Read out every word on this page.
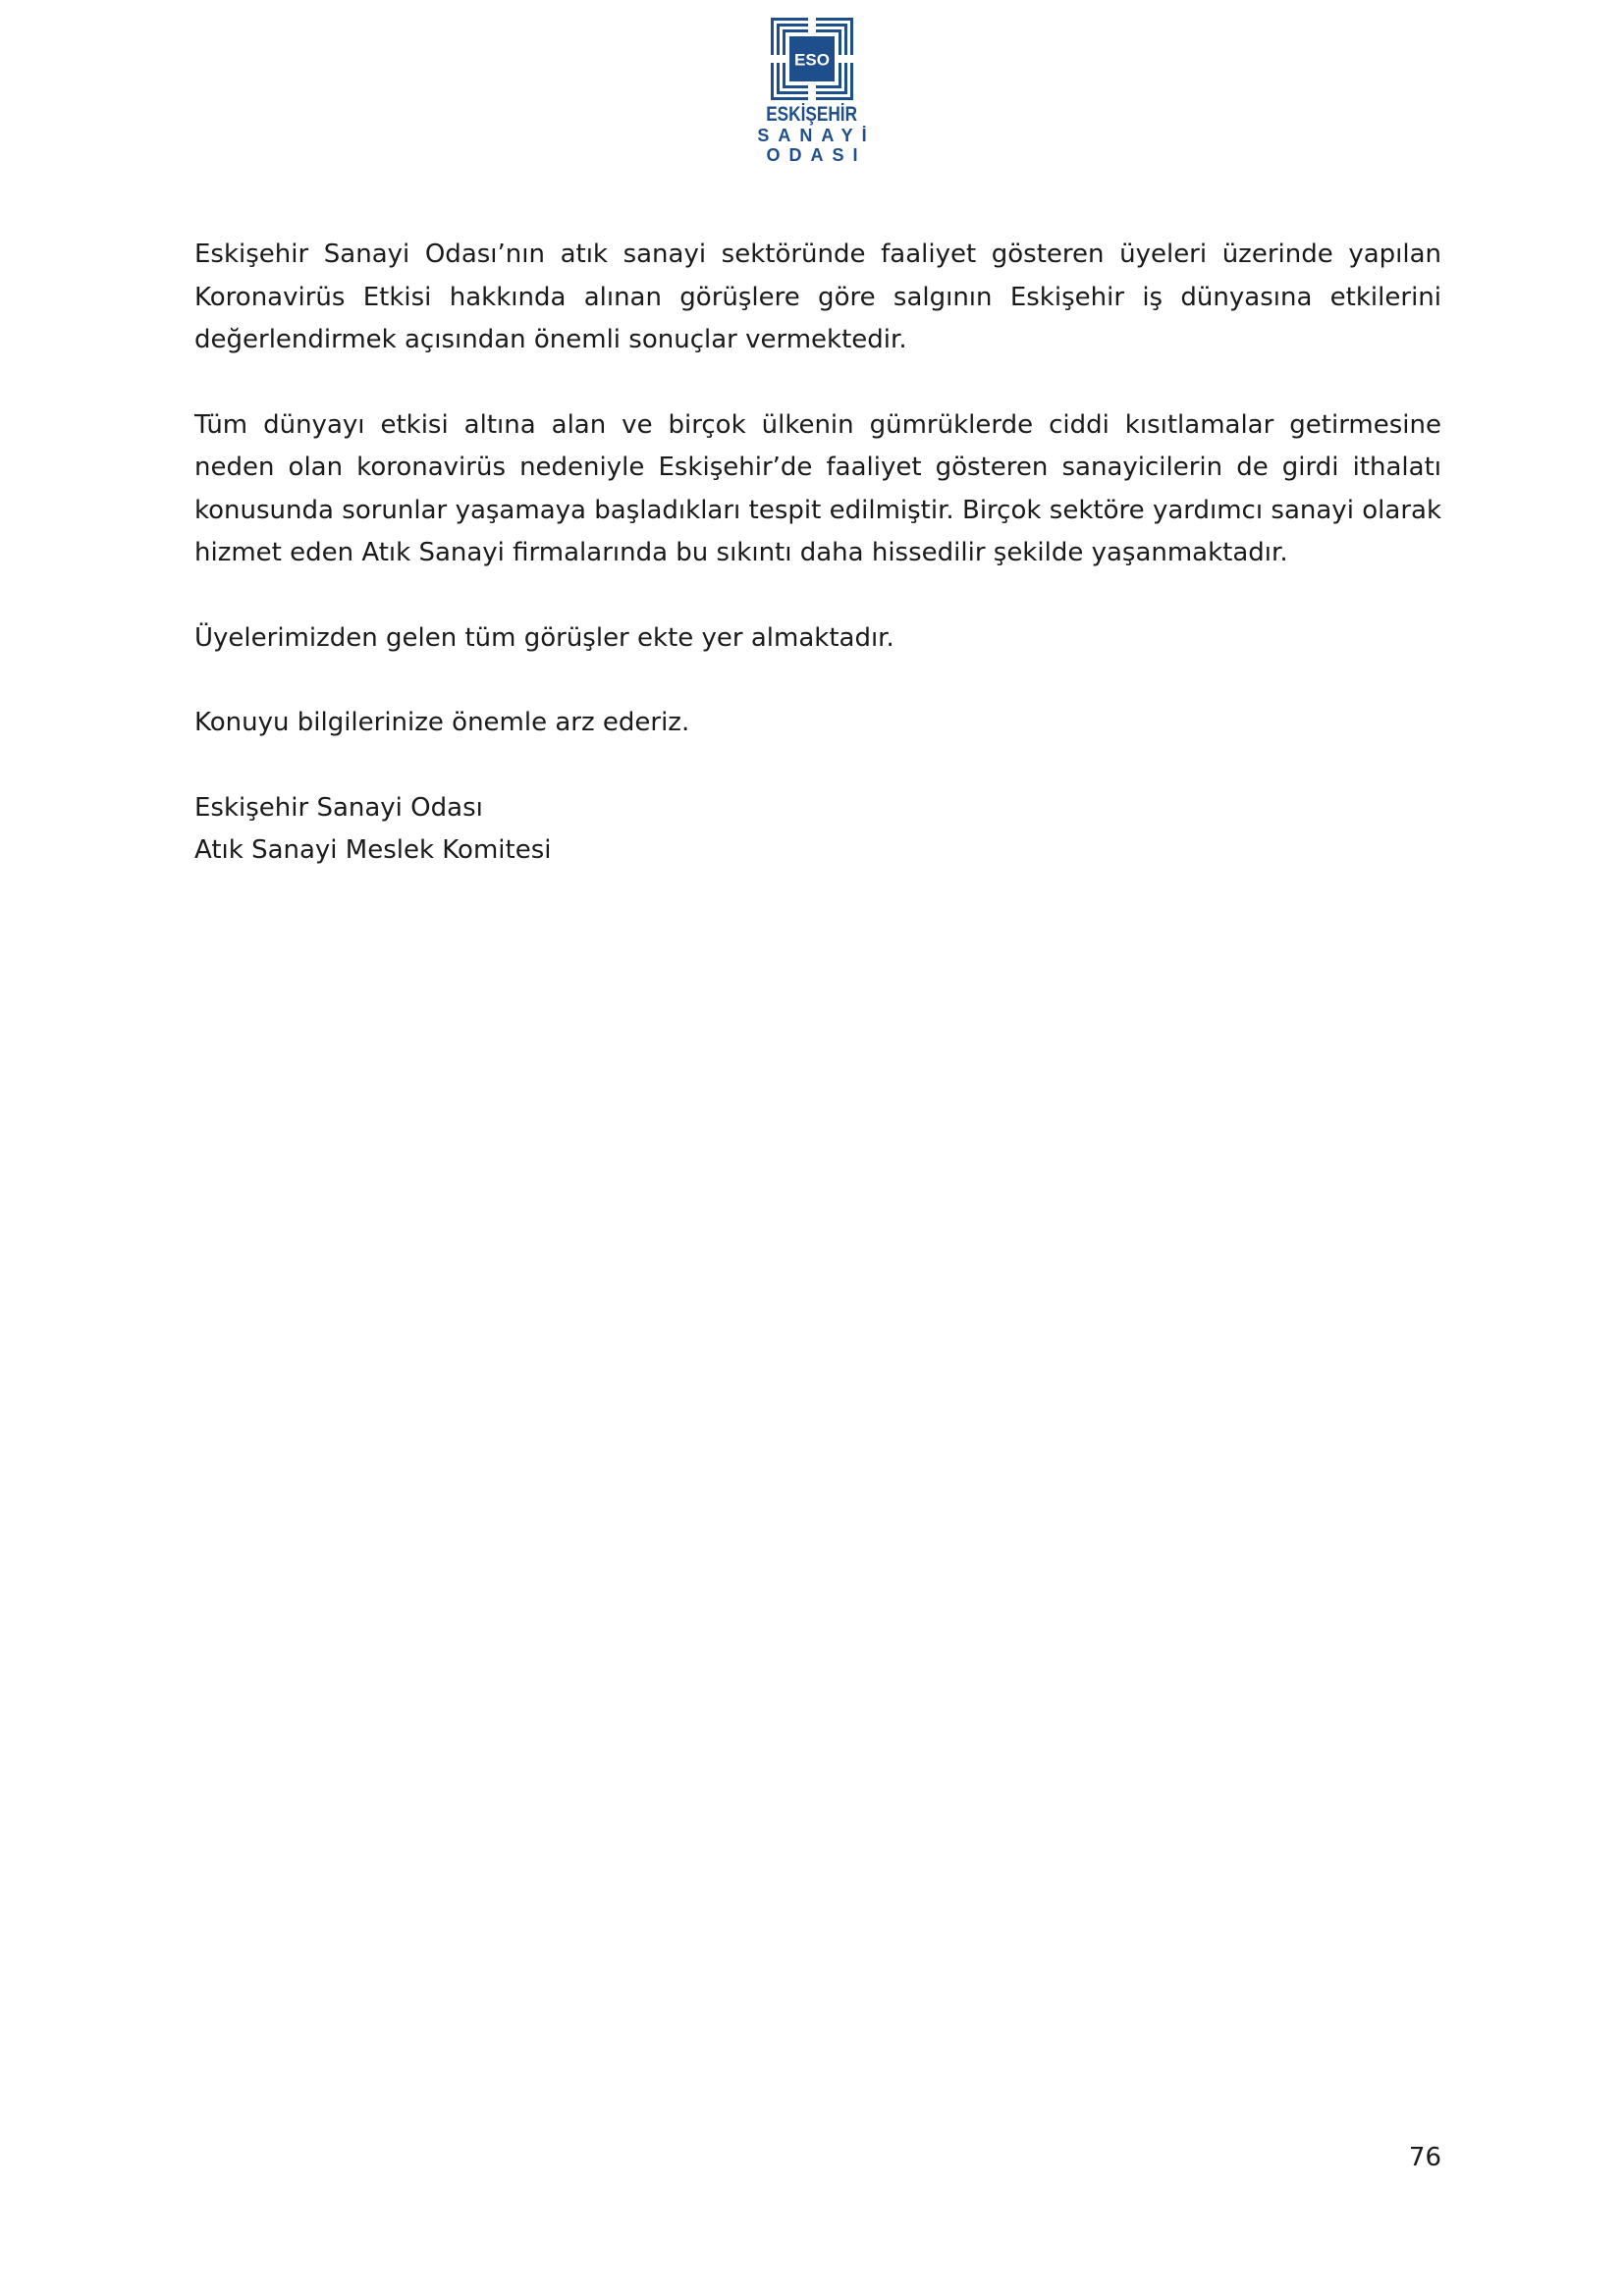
ESO
ESKİŞEHİR
SANAYİ
ODASI

Eskişehir Sanayi Odası’nın atık sanayi sektöründe faaliyet gösteren üyeleri üzerinde yapılan Koronavirüs Etkisi hakkında alınan görüşlere göre salgının Eskişehir iş dünyasına etkilerini değerlendirmek açısından önemli sonuçlar vermektedir.

Tüm dünyayı etkisi altına alan ve birçok ülkenin gümrüklerde ciddi kısıtlamalar getirmesine neden olan koronavirüs nedeniyle Eskişehir’de faaliyet gösteren sanayicilerin de girdi ithalatı konusunda sorunlar yaşamaya başladıkları tespit edilmiştir. Birçok sektöre yardımcı sanayi olarak hizmet eden Atık Sanayi firmalarında bu sıkıntı daha hissedilir şekilde yaşanmaktadır.

Üyelerimizden gelen tüm görüşler ekte yer almaktadır.

Konuyu bilgilerinize önemle arz ederiz.

Eskişehir Sanayi Odası

Atık Sanayi Meslek Komitesi

76
